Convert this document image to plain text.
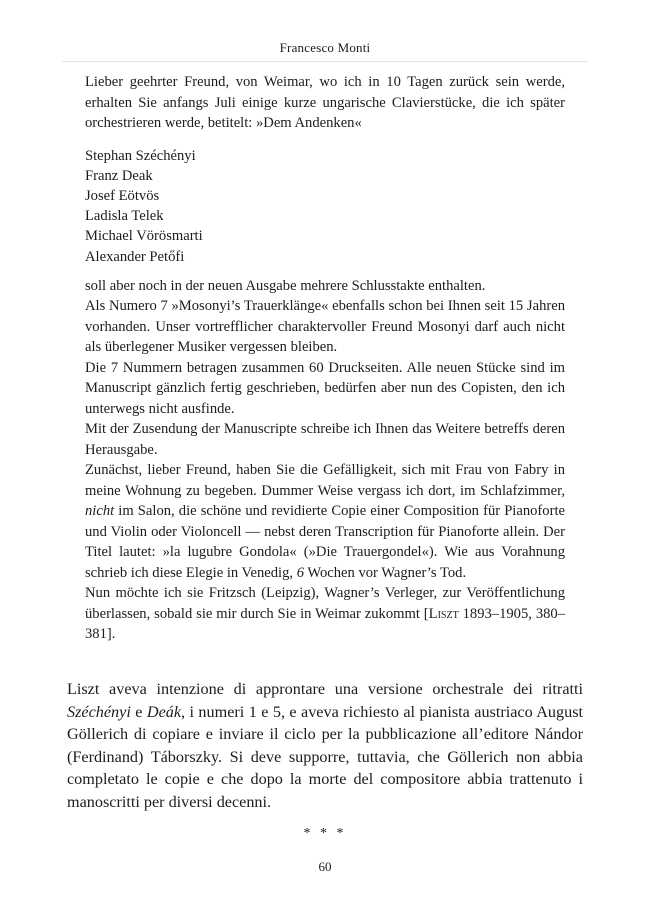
Francesco Monti

Lieber geehrter Freund, von Weimar, wo ich in 10 Tagen zurück sein werde, erhalten Sie anfangs Juli einige kurze ungarische Clavierstücke, die ich später orchestrieren werde, betitelt: »Dem Andenken«

Stephan Széchényi
Franz Deak
Josef Eötvös
Ladisla Telek
Michael Vörösmarti
Alexander Petőfi

soll aber noch in der neuen Ausgabe mehrere Schlusstakte enthalten.

Als Numero 7 »Mosonyi’s Trauerklänge« ebenfalls schon bei Ihnen seit 15 Jahren vorhanden. Unser vortrefflicher charaktervoller Freund Mosonyi darf auch nicht als überlegener Musiker vergessen bleiben.

Die 7 Nummern betragen zusammen 60 Druckseiten. Alle neuen Stücke sind im Manuscript gänzlich fertig geschrieben, bedürfen aber nun des Copisten, den ich unterwegs nicht ausfinde.

Mit der Zusendung der Manuscripte schreibe ich Ihnen das Weitere betreffs deren Herausgabe.

Zunächst, lieber Freund, haben Sie die Gefälligkeit, sich mit Frau von Fabry in meine Wohnung zu begeben. Dummer Weise vergass ich dort, im Schlafzimmer, nicht im Salon, die schöne und revidierte Copie einer Composition für Pianoforte und Violin oder Violoncell — nebst deren Transcription für Pianoforte allein. Der Titel lautet: »la lugubre Gondola« (»Die Trauergondel«). Wie aus Vorahnung schrieb ich diese Elegie in Venedig, 6 Wochen vor Wagner’s Tod.

Nun möchte ich sie Fritzsch (Leipzig), Wagner’s Verleger, zur Veröffentlichung überlassen, sobald sie mir durch Sie in Weimar zukommt [Liszt 1893–1905, 380–381].

Liszt aveva intenzione di approntare una versione orchestrale dei ritratti Széchényi e Deák, i numeri 1 e 5, e aveva richiesto al pianista austriaco August Göllerich di copiare e inviare il ciclo per la pubblicazione all’editore Nándor (Ferdinand) Táborszky. Si deve supporre, tuttavia, che Göllerich non abbia completato le copie e che dopo la morte del compositore abbia trattenuto i manoscritti per diversi decenni.

* * *
60
